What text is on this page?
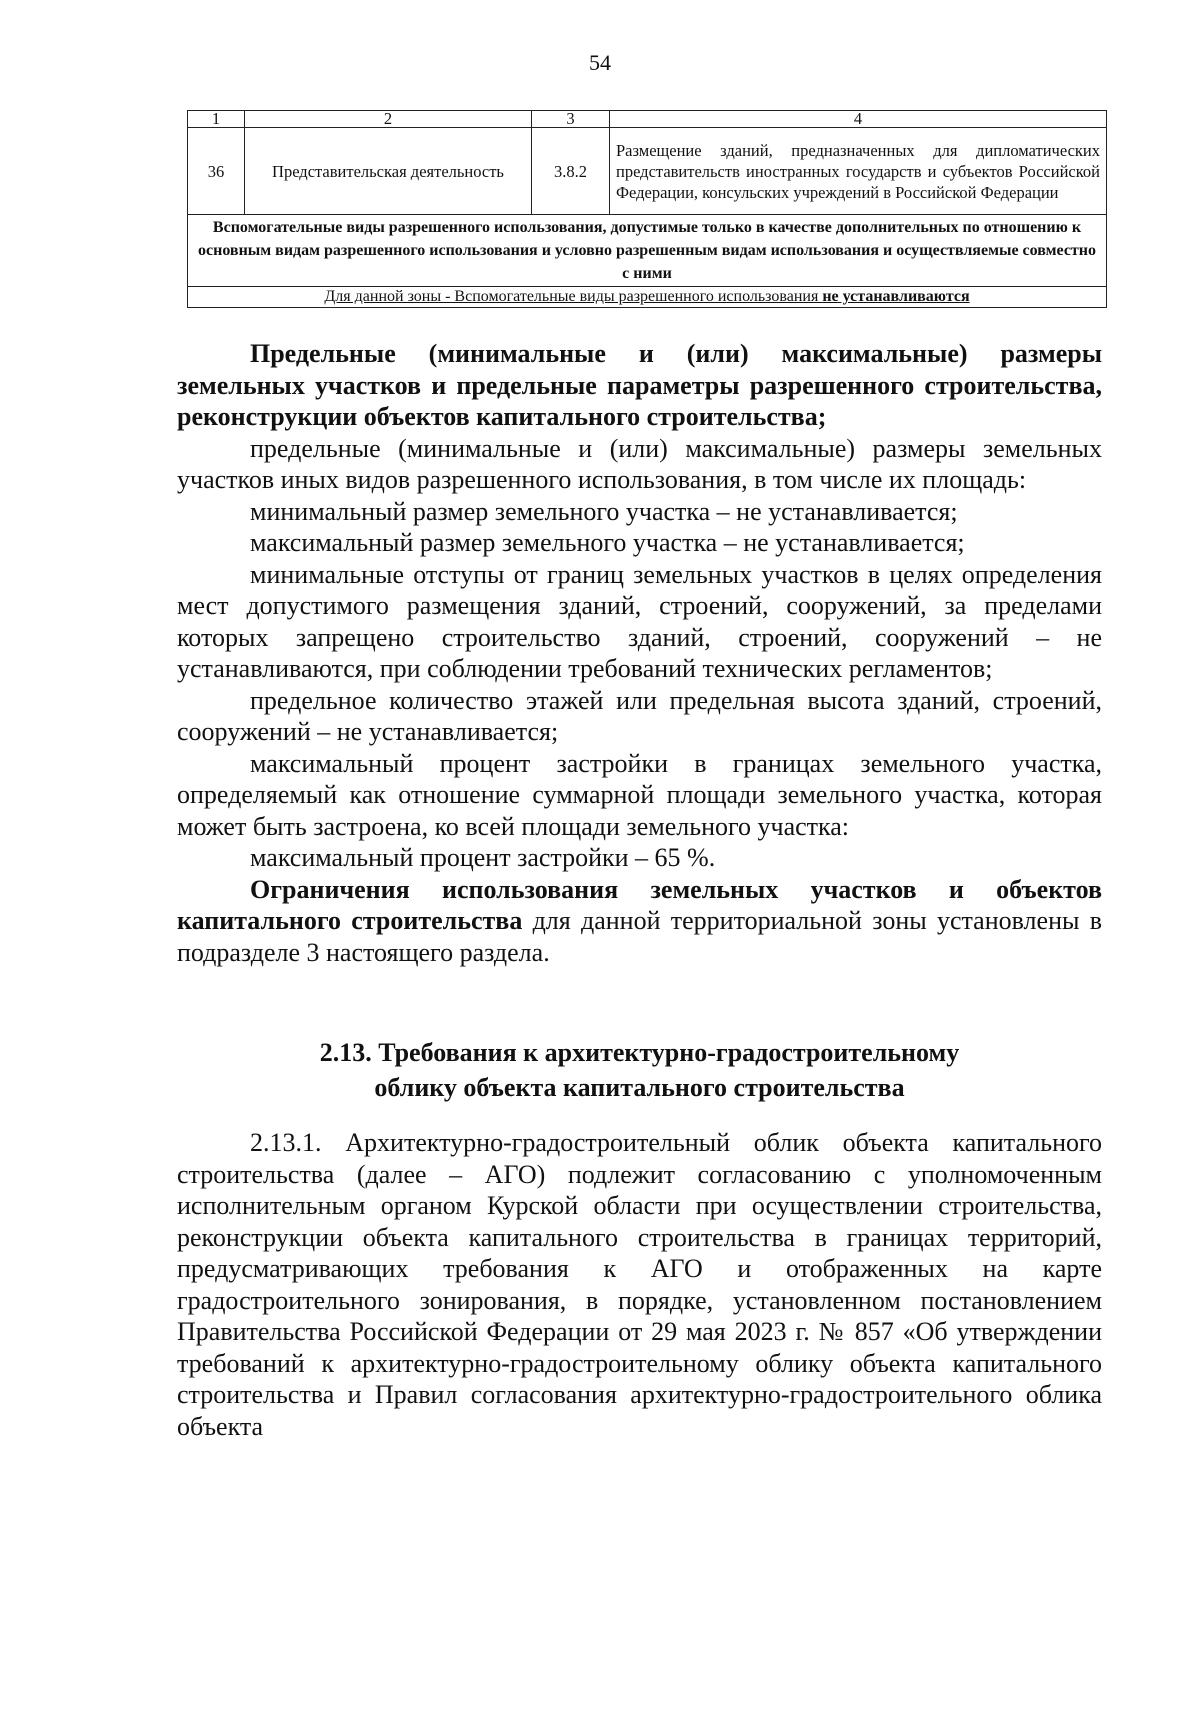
54
1	2	3	4
36	Представительская деятельность	3.8.2	Размещение зданий, предназначенных для дипломатических представительств иностранных государств и субъектов Российской Федерации, консульских учреждений в Российской Федерации
Вспомогательные виды разрешенного использования, допустимые только в качестве дополнительных по отношению к основным видам разрешенного использования и условно разрешенным видам использования и осуществляемые совместно с ними			
Для данной зоны - Вспомогательные виды разрешенного использования не устанавливаются			

Предельные (минимальные и (или) максимальные) размеры земельных участков и предельные параметры разрешенного строительства, реконструкции объектов капитального строительства;

предельные (минимальные и (или) максимальные) размеры земельных участков иных видов разрешенного использования, в том числе их площадь:

минимальный размер земельного участка – не устанавливается;

максимальный размер земельного участка – не устанавливается;

минимальные отступы от границ земельных участков в целях определения мест допустимого размещения зданий, строений, сооружений, за пределами которых запрещено строительство зданий, строений, сооружений – не устанавливаются, при соблюдении требований технических регламентов;

предельное количество этажей или предельная высота зданий, строений, сооружений – не устанавливается;

максимальный процент застройки в границах земельного участка, определяемый как отношение суммарной площади земельного участка, которая может быть застроена, ко всей площади земельного участка:

максимальный процент застройки – 65 %.

Ограничения использования земельных участков и объектов капитального строительства для данной территориальной зоны установлены в подразделе 3 настоящего раздела.

2.13. Требования к архитектурно-градостроительному
облику объекта капитального строительства

2.13.1. Архитектурно-градостроительный облик объекта капитального строительства (далее – АГО) подлежит согласованию с уполномоченным исполнительным органом Курской области при осуществлении строительства, реконструкции объекта капитального строительства в границах территорий, предусматривающих требования к АГО и отображенных на карте градостроительного зонирования, в порядке, установленном постановлением Правительства Российской Федерации от 29 мая 2023 г. № 857 «Об утверждении требований к архитектурно-градостроительному облику объекта капитального строительства и Правил согласования архитектурно-градостроительного облика объекта
